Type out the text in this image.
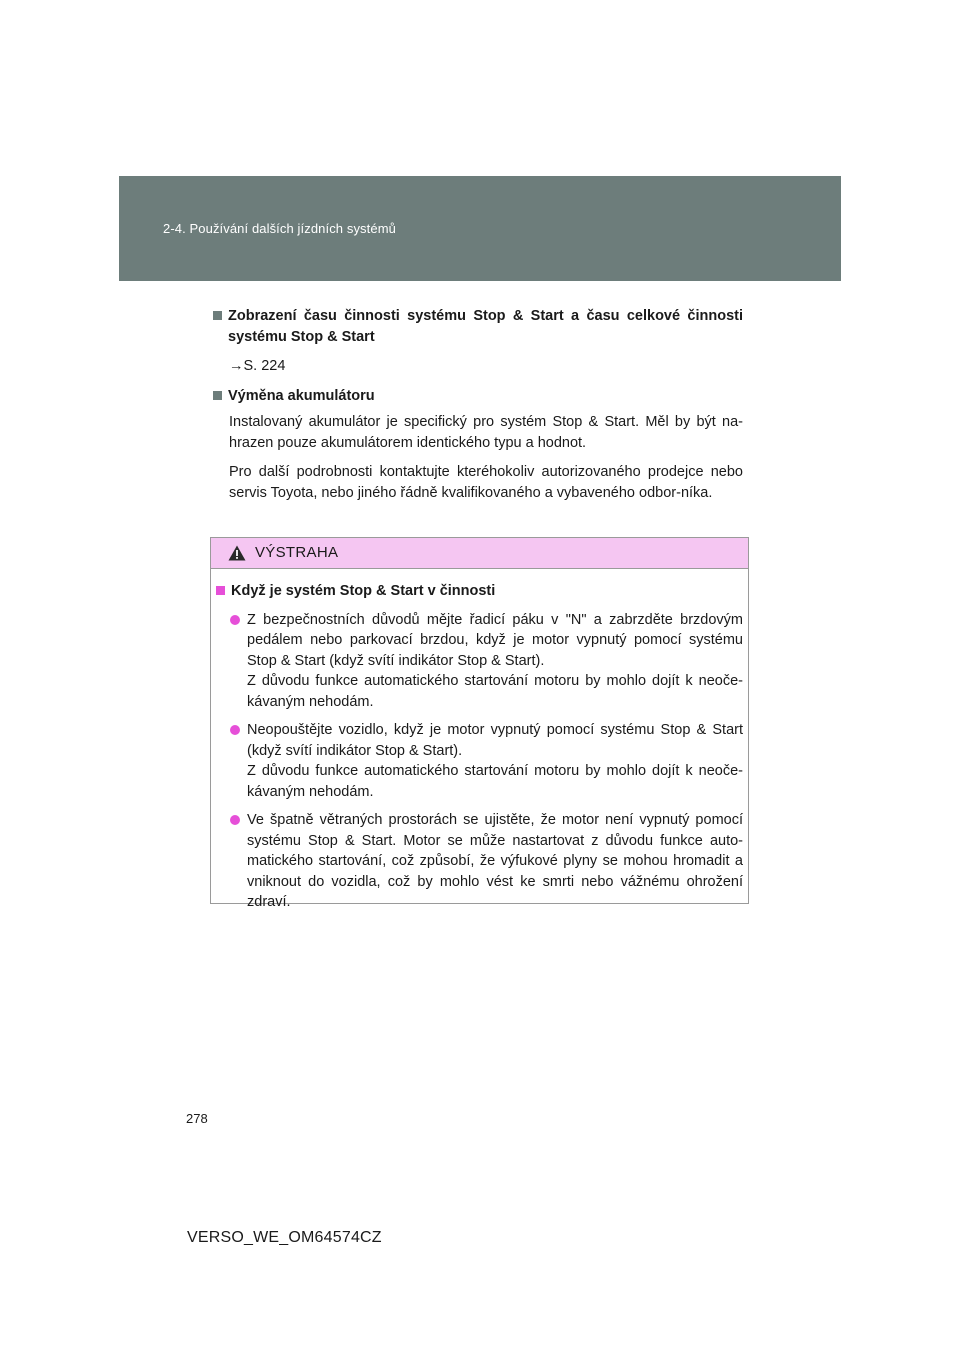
2-4. Používání dalších jízdních systémů
Zobrazení času činnosti systému Stop & Start a času celkové činnosti systému Stop & Start
→S. 224
Výměna akumulátoru
Instalovaný akumulátor je specifický pro systém Stop & Start. Měl by být na-hrazen pouze akumulátorem identického typu a hodnot.
Pro další podrobnosti kontaktujte kteréhokoliv autorizovaného prodejce nebo servis Toyota, nebo jiného řádně kvalifikovaného a vybaveného odbor-níka.
VÝSTRAHA
Když je systém Stop & Start v činnosti
Z bezpečnostních důvodů mějte řadicí páku v "N" a zabrzděte brzdovým pedálem nebo parkovací brzdou, když je motor vypnutý pomocí systému Stop & Start (když svítí indikátor Stop & Start).
Z důvodu funkce automatického startování motoru by mohlo dojít k neoče-kávaným nehodám.
Neopouštějte vozidlo, když je motor vypnutý pomocí systému Stop & Start (když svítí indikátor Stop & Start).
Z důvodu funkce automatického startování motoru by mohlo dojít k neoče-kávaným nehodám.
Ve špatně větraných prostorách se ujistěte, že motor není vypnutý pomocí systému Stop & Start. Motor se může nastartovat z důvodu funkce auto-matického startování, což způsobí, že výfukové plyny se mohou hromadit a vniknout do vozidla, což by mohlo vést ke smrti nebo vážnému ohrožení zdraví.
278
VERSO_WE_OM64574CZ
